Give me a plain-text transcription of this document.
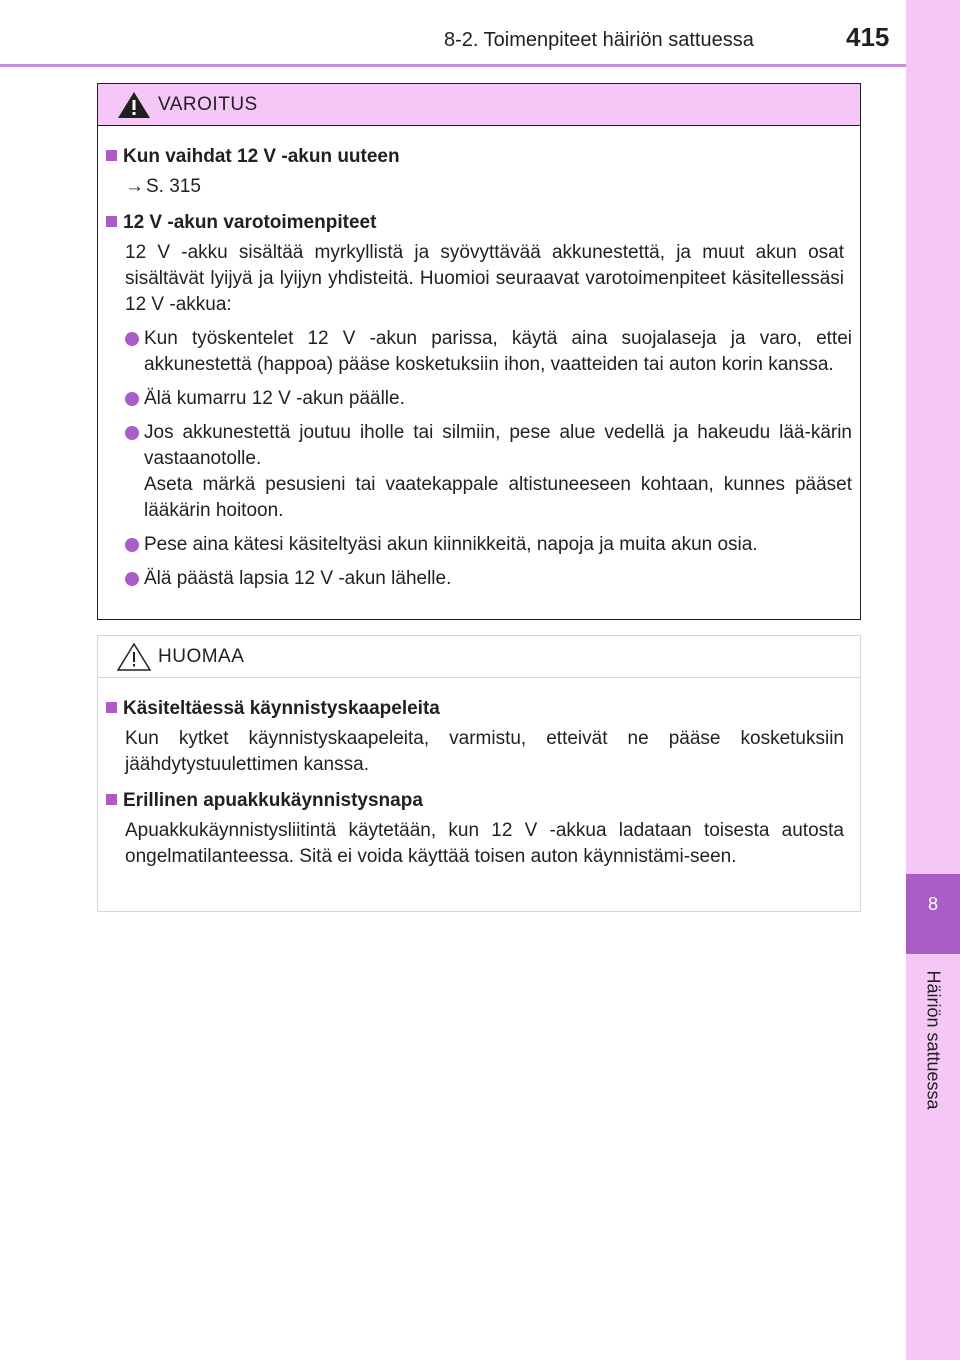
8-2. Toimenpiteet häiriön sattuessa	415
8
Häiriön sattuessa
VAROITUS
Kun vaihdat 12 V -akun uuteen
→ S. 315
12 V -akun varotoimenpiteet
12 V -akku sisältää myrkyllistä ja syövyttävää akkunestettä, ja muut akun osat sisältävät lyijyä ja lyijyn yhdisteitä. Huomioi seuraavat varotoimenpiteet käsitellessäsi 12 V -akkua:
Kun työskentelet 12 V -akun parissa, käytä aina suojalaseja ja varo, ettei akkunestettä (happoa) pääse kosketuksiin ihon, vaatteiden tai auton korin kanssa.
Älä kumarru 12 V -akun päälle.
Jos akkunestettä joutuu iholle tai silmiin, pese alue vedellä ja hakeudu lää-kärin vastaanotolle.
Aseta märkä pesusieni tai vaatekappale altistuneeseen kohtaan, kunnes pääset lääkärin hoitoon.
Pese aina kätesi käsiteltyäsi akun kiinnikkeitä, napoja ja muita akun osia.
Älä päästä lapsia 12 V -akun lähelle.
HUOMAA
Käsiteltäessä käynnistyskaapeleita
Kun kytket käynnistyskaapeleita, varmistu, etteivät ne pääse kosketuksiin jäähdytystuulettimen kanssa.
Erillinen apuakkukäynnistysnapa
Apuakkukäynnistysliitintä käytetään, kun 12 V -akkua ladataan toisesta autosta ongelmatilanteessa. Sitä ei voida käyttää toisen auton käynnistämi-seen.
